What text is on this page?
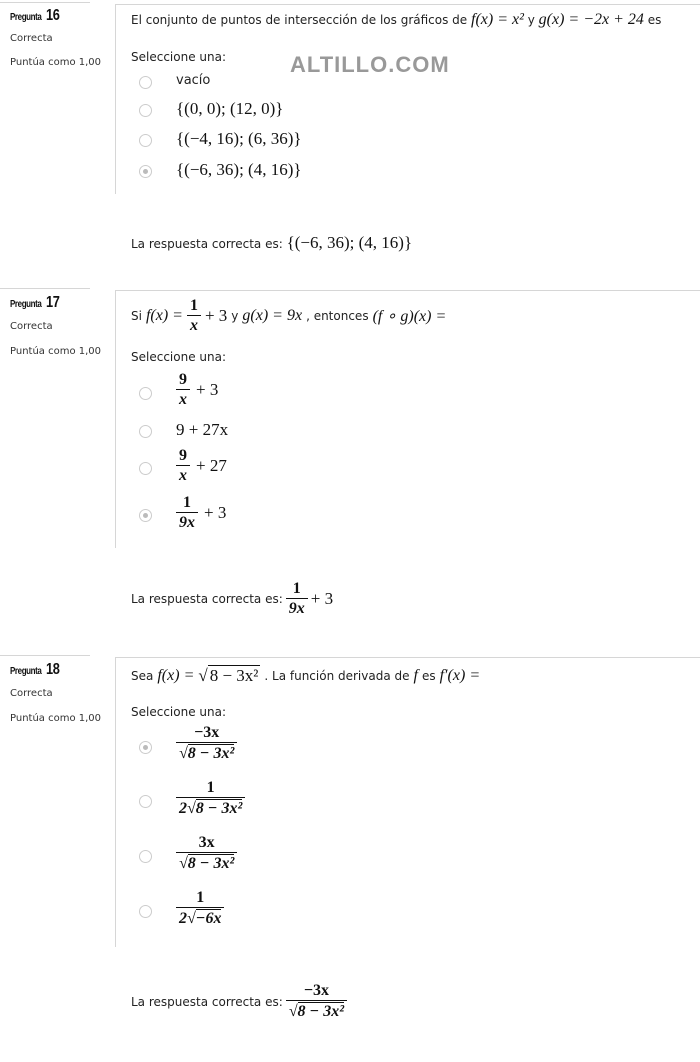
Pregunta 16
Correcta
Puntúa como 1,00
El conjunto de puntos de intersección de los gráficos de f(x) = x² y g(x) = −2x + 24 es
Seleccione una:	ALTILLO.COM
vacío
{(0, 0); (12, 0)}
{(−4, 16); (6, 36)}
{(−6, 36); (4, 16)}
La respuesta correcta es: {(−6, 36); (4, 16)}
Pregunta 17
Correcta
Puntúa como 1,00
Si $f(x) = \frac{1}{x} + 3$ y g(x) = 9x , entonces (f ∘ g)(x) =
Seleccione una:
$\frac{9}{x} + 3$
9 + 27x
$\frac{9}{x} + 27$
$\frac{1}{9x} + 3$
La respuesta correcta es: $\frac{1}{9x} + 3$
Pregunta 18
Correcta
Puntúa como 1,00
Sea f(x) = √ 8 − 3x² . La función derivada de f es f′(x) =
Seleccione una:
$\frac{-3x}{\text{√8 − 3x²}}$
$\frac{1}{\text{2√8 − 3x²}}$
$\frac{3x}{\text{√8 − 3x²}}$
$\frac{1}{2√-6x}$
La respuesta correcta es: $\frac{-3x}{\text{√8 − 3x²}}$
